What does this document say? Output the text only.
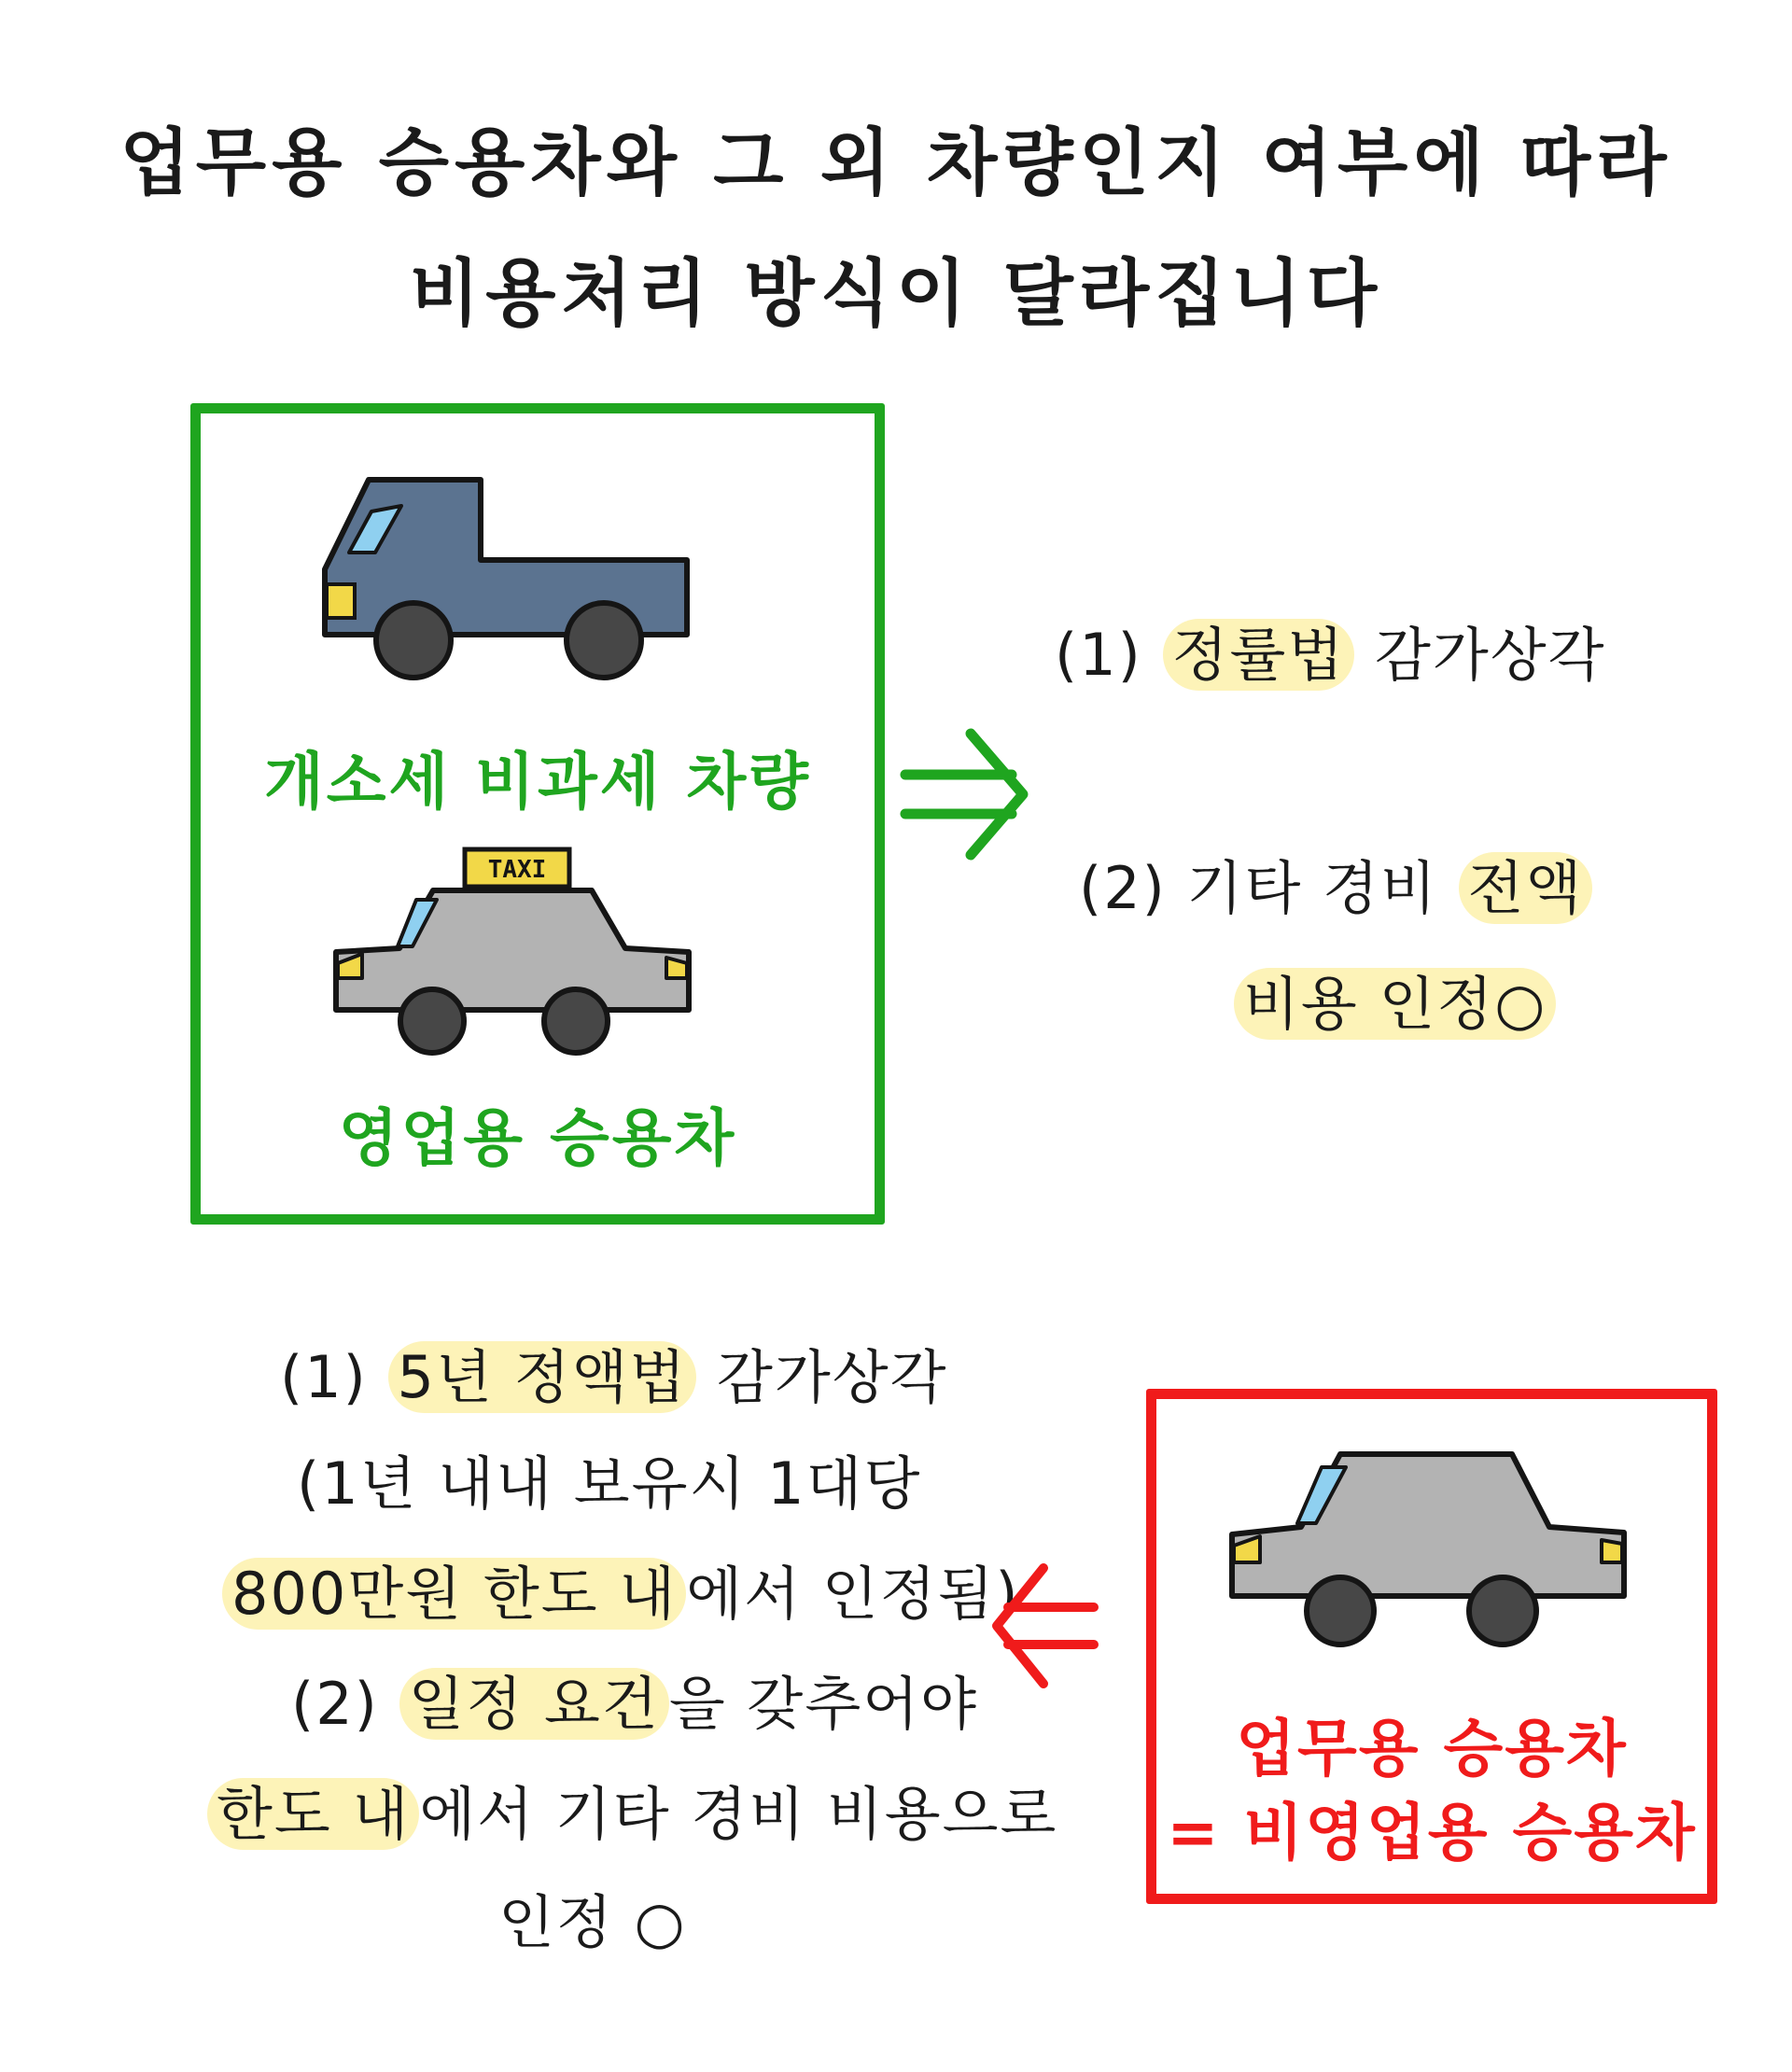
업무용 승용차와 그 외 차량인지 여부에 따라
비용처리 방식이 달라집니다
개소세 비과세 차량
TAXI
영업용 승용차
(1) 정률법 감가상각
(2) 기타 경비 전액
비용 인정○
(1) 5년 정액법 감가상각
(1년 내내 보유시 1대당
800만원 한도 내 에서 인정됨)
(2) 일정 요건 을 갖추어야
한도 내 에서 기타 경비 비용으로
인정 ○
업무용 승용차
= 비영업용 승용차
